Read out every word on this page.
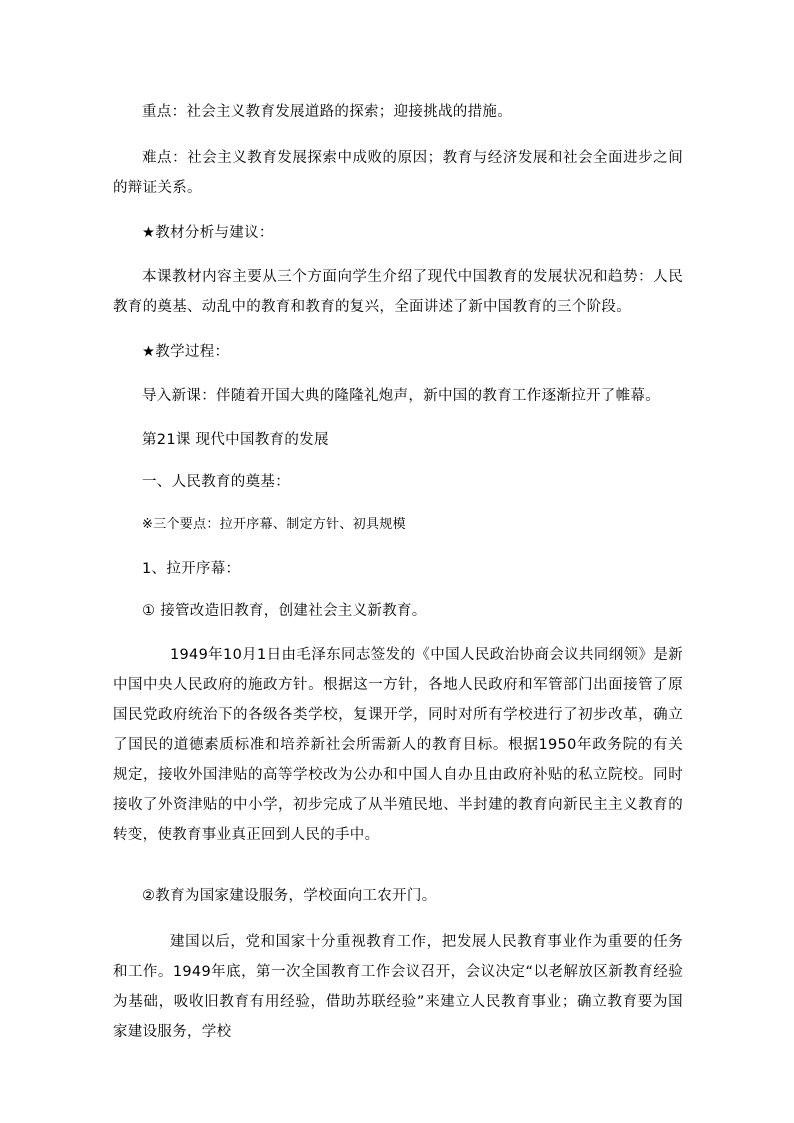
重点：社会主义教育发展道路的探索；迎接挑战的措施。

难点：社会主义教育发展探索中成败的原因；教育与经济发展和社会全面进步之间的辩证关系。

★教材分析与建议：

本课教材内容主要从三个方面向学生介绍了现代中国教育的发展状况和趋势：人民教育的奠基、动乱中的教育和教育的复兴，全面讲述了新中国教育的三个阶段。

★教学过程：

导入新课：伴随着开国大典的隆隆礼炮声，新中国的教育工作逐渐拉开了帷幕。

第21课 现代中国教育的发展

一、人民教育的奠基：

※三个要点：拉开序幕、制定方针、初具规模

1、拉开序幕：

① 接管改造旧教育，创建社会主义新教育。

1949年10月1日由毛泽东同志签发的《中国人民政治协商会议共同纲领》是新中国中央人民政府的施政方针。根据这一方针，各地人民政府和军管部门出面接管了原国民党政府统治下的各级各类学校，复课开学，同时对所有学校进行了初步改革，确立了国民的道德素质标准和培养新社会所需新人的教育目标。根据1950年政务院的有关规定，接收外国津贴的高等学校改为公办和中国人自办且由政府补贴的私立院校。同时接收了外资津贴的中小学，初步完成了从半殖民地、半封建的教育向新民主主义教育的转变，使教育事业真正回到人民的手中。

②教育为国家建设服务，学校面向工农开门。

建国以后，党和国家十分重视教育工作，把发展人民教育事业作为重要的任务和工作。1949年底，第一次全国教育工作会议召开，会议决定“以老解放区新教育经验为基础，吸收旧教育有用经验，借助苏联经验”来建立人民教育事业；确立教育要为国家建设服务，学校
